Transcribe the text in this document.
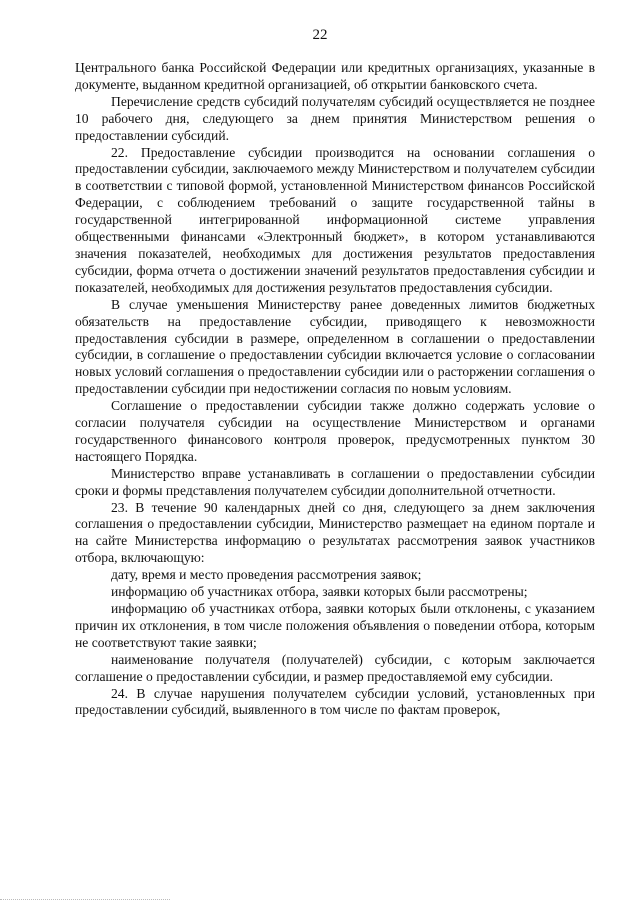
22

Центрального банка Российской Федерации или кредитных организациях, указанные в документе, выданном кредитной организацией, об открытии банковского счета.

Перечисление средств субсидий получателям субсидий осуществляется не позднее 10 рабочего дня, следующего за днем принятия Министерством решения о предоставлении субсидий.

22. Предоставление субсидии производится на основании соглашения о предоставлении субсидии, заключаемого между Министерством и получателем субсидии в соответствии с типовой формой, установленной Министерством финансов Российской Федерации, с соблюдением требований о защите государственной тайны в государственной интегрированной информационной системе управления общественными финансами «Электронный бюджет», в котором устанавливаются значения показателей, необходимых для достижения результатов предоставления субсидии, форма отчета о достижении значений результатов предоставления субсидии и показателей, необходимых для достижения результатов предоставления субсидии.

В случае уменьшения Министерству ранее доведенных лимитов бюджетных обязательств на предоставление субсидии, приводящего к невозможности предоставления субсидии в размере, определенном в соглашении о предоставлении субсидии, в соглашение о предоставлении субсидии включается условие о согласовании новых условий соглашения о предоставлении субсидии или о расторжении соглашения о предоставлении субсидии при недостижении согласия по новым условиям.

Соглашение о предоставлении субсидии также должно содержать условие о согласии получателя субсидии на осуществление Министерством и органами государственного финансового контроля проверок, предусмотренных пунктом 30 настоящего Порядка.

Министерство вправе устанавливать в соглашении о предоставлении субсидии сроки и формы представления получателем субсидии дополнительной отчетности.

23. В течение 90 календарных дней со дня, следующего за днем заключения соглашения о предоставлении субсидии, Министерство размещает на едином портале и на сайте Министерства информацию о результатах рассмотрения заявок участников отбора, включающую:

дату, время и место проведения рассмотрения заявок;

информацию об участниках отбора, заявки которых были рассмотрены;

информацию об участниках отбора, заявки которых были отклонены, с указанием причин их отклонения, в том числе положения объявления о поведении отбора, которым не соответствуют такие заявки;

наименование получателя (получателей) субсидии, с которым заключается соглашение о предоставлении субсидии, и размер предоставляемой ему субсидии.

24. В случае нарушения получателем субсидии условий, установленных при предоставлении субсидий, выявленного в том числе по фактам проверок,
